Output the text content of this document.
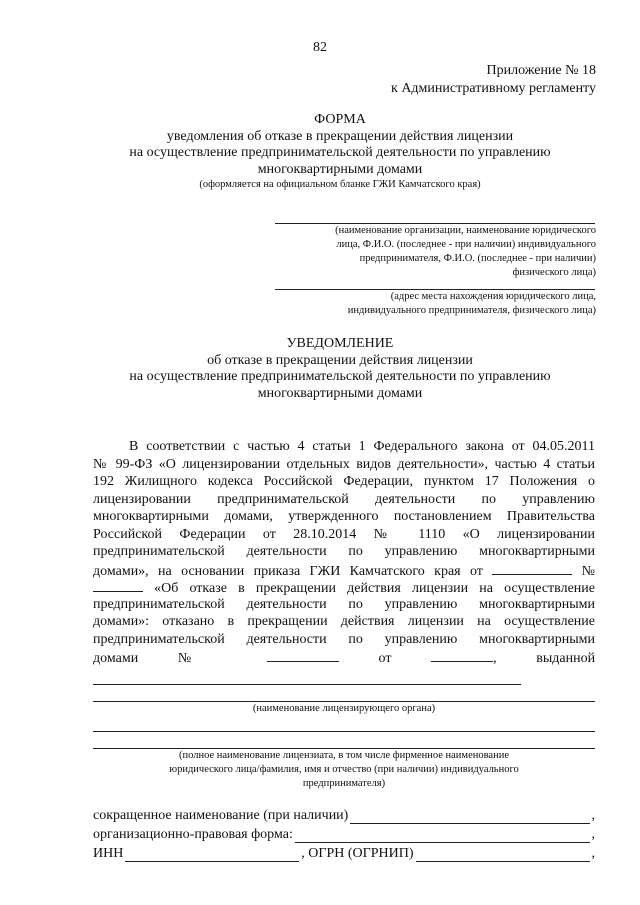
82
Приложение № 18
к Административному регламенту
ФОРМА
уведомления об отказе в прекращении действия лицензии
на осуществление предпринимательской деятельности по управлению
многоквартирными домами
(оформляется на официальном бланке ГЖИ Камчатского края)
(наименование организации, наименование юридического
лица, Ф.И.О. (последнее - при наличии) индивидуального
предпринимателя, Ф.И.О. (последнее - при наличии)
физического лица)
(адрес места нахождения юридического лица,
индивидуального предпринимателя, физического лица)
УВЕДОМЛЕНИЕ
об отказе в прекращении действия лицензии
на осуществление предпринимательской деятельности по управлению
многоквартирными домами
В соответствии с частью 4 статьи 1 Федерального закона от 04.05.2011
№ 99-ФЗ «О лицензировании отдельных видов деятельности», частью 4 статьи
192 Жилищного кодекса Российской Федерации, пунктом 17 Положения о
лицензировании предпринимательской деятельности по управлению
многоквартирными домами, утвержденного постановлением Правительства
Российской Федерации от 28.10.2014 № 1110 «О лицензировании
предпринимательской деятельности по управлению многоквартирными
домами», на основании приказа ГЖИ Камчатского края от	№
«Об отказе в прекращении действия лицензии на осуществление
предпринимательской деятельности по управлению многоквартирными
домами»: отказано в прекращении действия лицензии на осуществление
предпринимательской деятельности по управлению многоквартирными
домами	№	от	,	выданной
(наименование лицензирующего органа)
(полное наименование лицензиата, в том числе фирменное наименование
юридического лица/фамилия, имя и отчество (при наличии) индивидуального
предпринимателя)
сокращенное наименование (при наличии)	,
организационно-правовая форма:	,
ИНН	, ОГРН (ОГРНИП)	,
